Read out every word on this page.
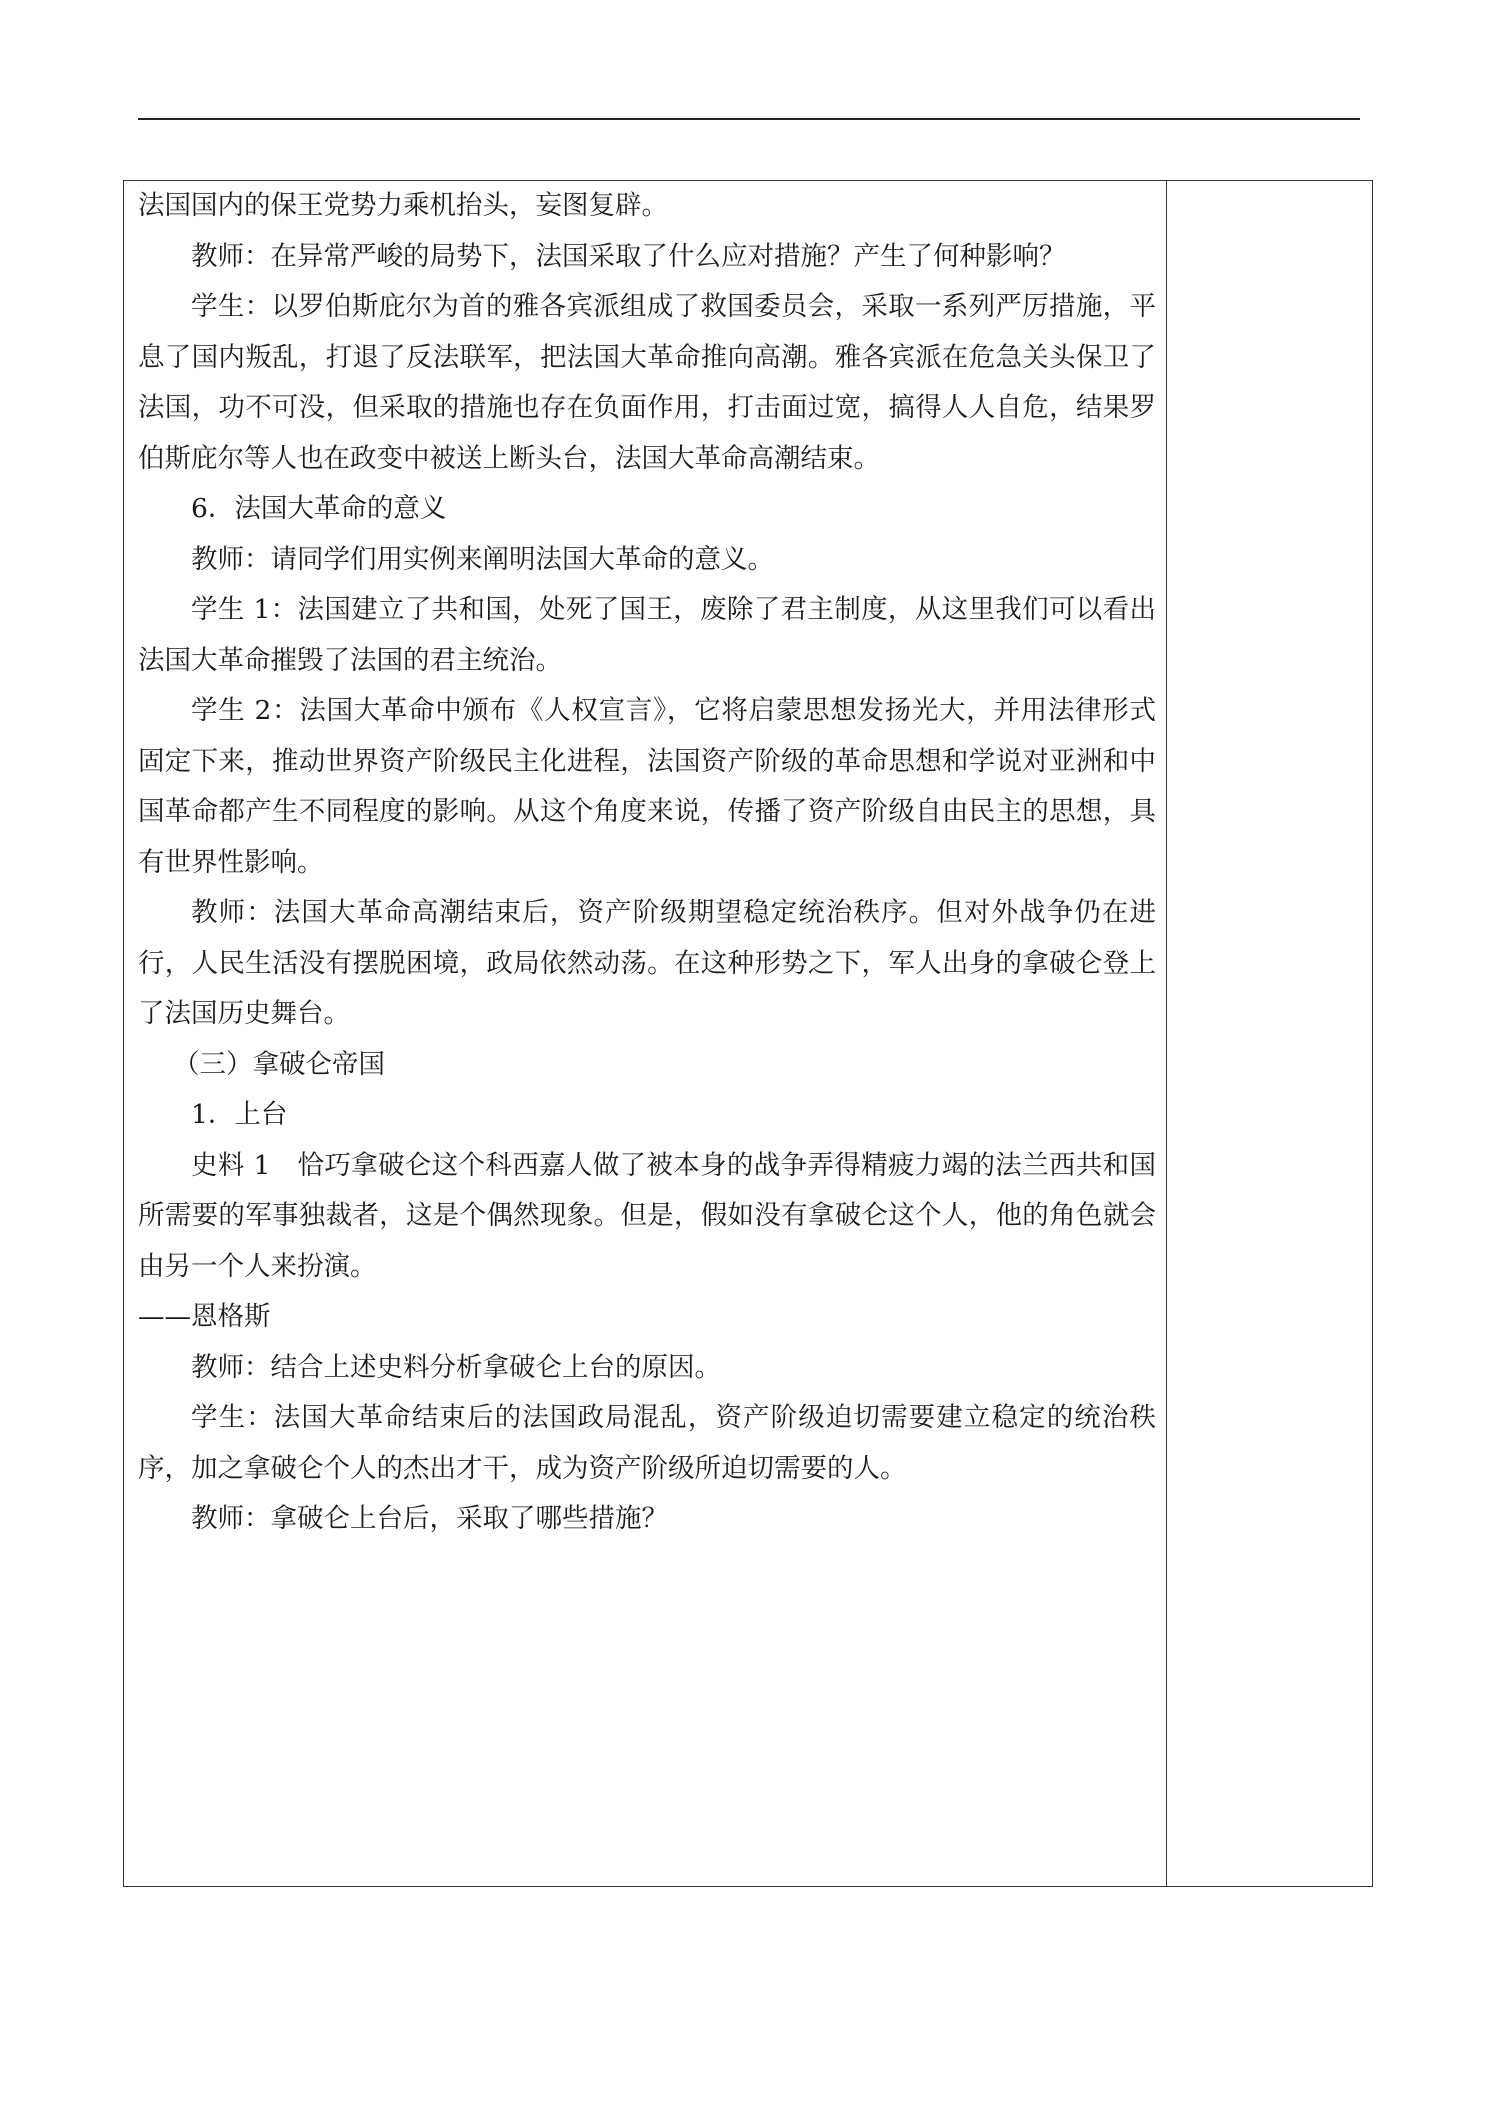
法国国内的保王党势力乘机抬头，妄图复辟。

教师：在异常严峻的局势下，法国采取了什么应对措施？产生了何种影响？

学生：以罗伯斯庇尔为首的雅各宾派组成了救国委员会，采取一系列严厉措施，平息了国内叛乱，打退了反法联军，把法国大革命推向高潮。雅各宾派在危急关头保卫了法国，功不可没，但采取的措施也存在负面作用，打击面过宽，搞得人人自危，结果罗伯斯庇尔等人也在政变中被送上断头台，法国大革命高潮结束。

6．法国大革命的意义

教师：请同学们用实例来阐明法国大革命的意义。

学生 1：法国建立了共和国，处死了国王，废除了君主制度，从这里我们可以看出法国大革命摧毁了法国的君主统治。

学生 2：法国大革命中颁布《人权宣言》，它将启蒙思想发扬光大，并用法律形式固定下来，推动世界资产阶级民主化进程，法国资产阶级的革命思想和学说对亚洲和中国革命都产生不同程度的影响。从这个角度来说，传播了资产阶级自由民主的思想，具有世界性影响。

教师：法国大革命高潮结束后，资产阶级期望稳定统治秩序。但对外战争仍在进行，人民生活没有摆脱困境，政局依然动荡。在这种形势之下，军人出身的拿破仑登上了法国历史舞台。

（三）拿破仑帝国

1．上台

史料 1　恰巧拿破仑这个科西嘉人做了被本身的战争弄得精疲力竭的法兰西共和国所需要的军事独裁者，这是个偶然现象。但是，假如没有拿破仑这个人，他的角色就会由另一个人来扮演。

——恩格斯

教师：结合上述史料分析拿破仑上台的原因。

学生：法国大革命结束后的法国政局混乱，资产阶级迫切需要建立稳定的统治秩序，加之拿破仑个人的杰出才干，成为资产阶级所迫切需要的人。

教师：拿破仑上台后，采取了哪些措施？
